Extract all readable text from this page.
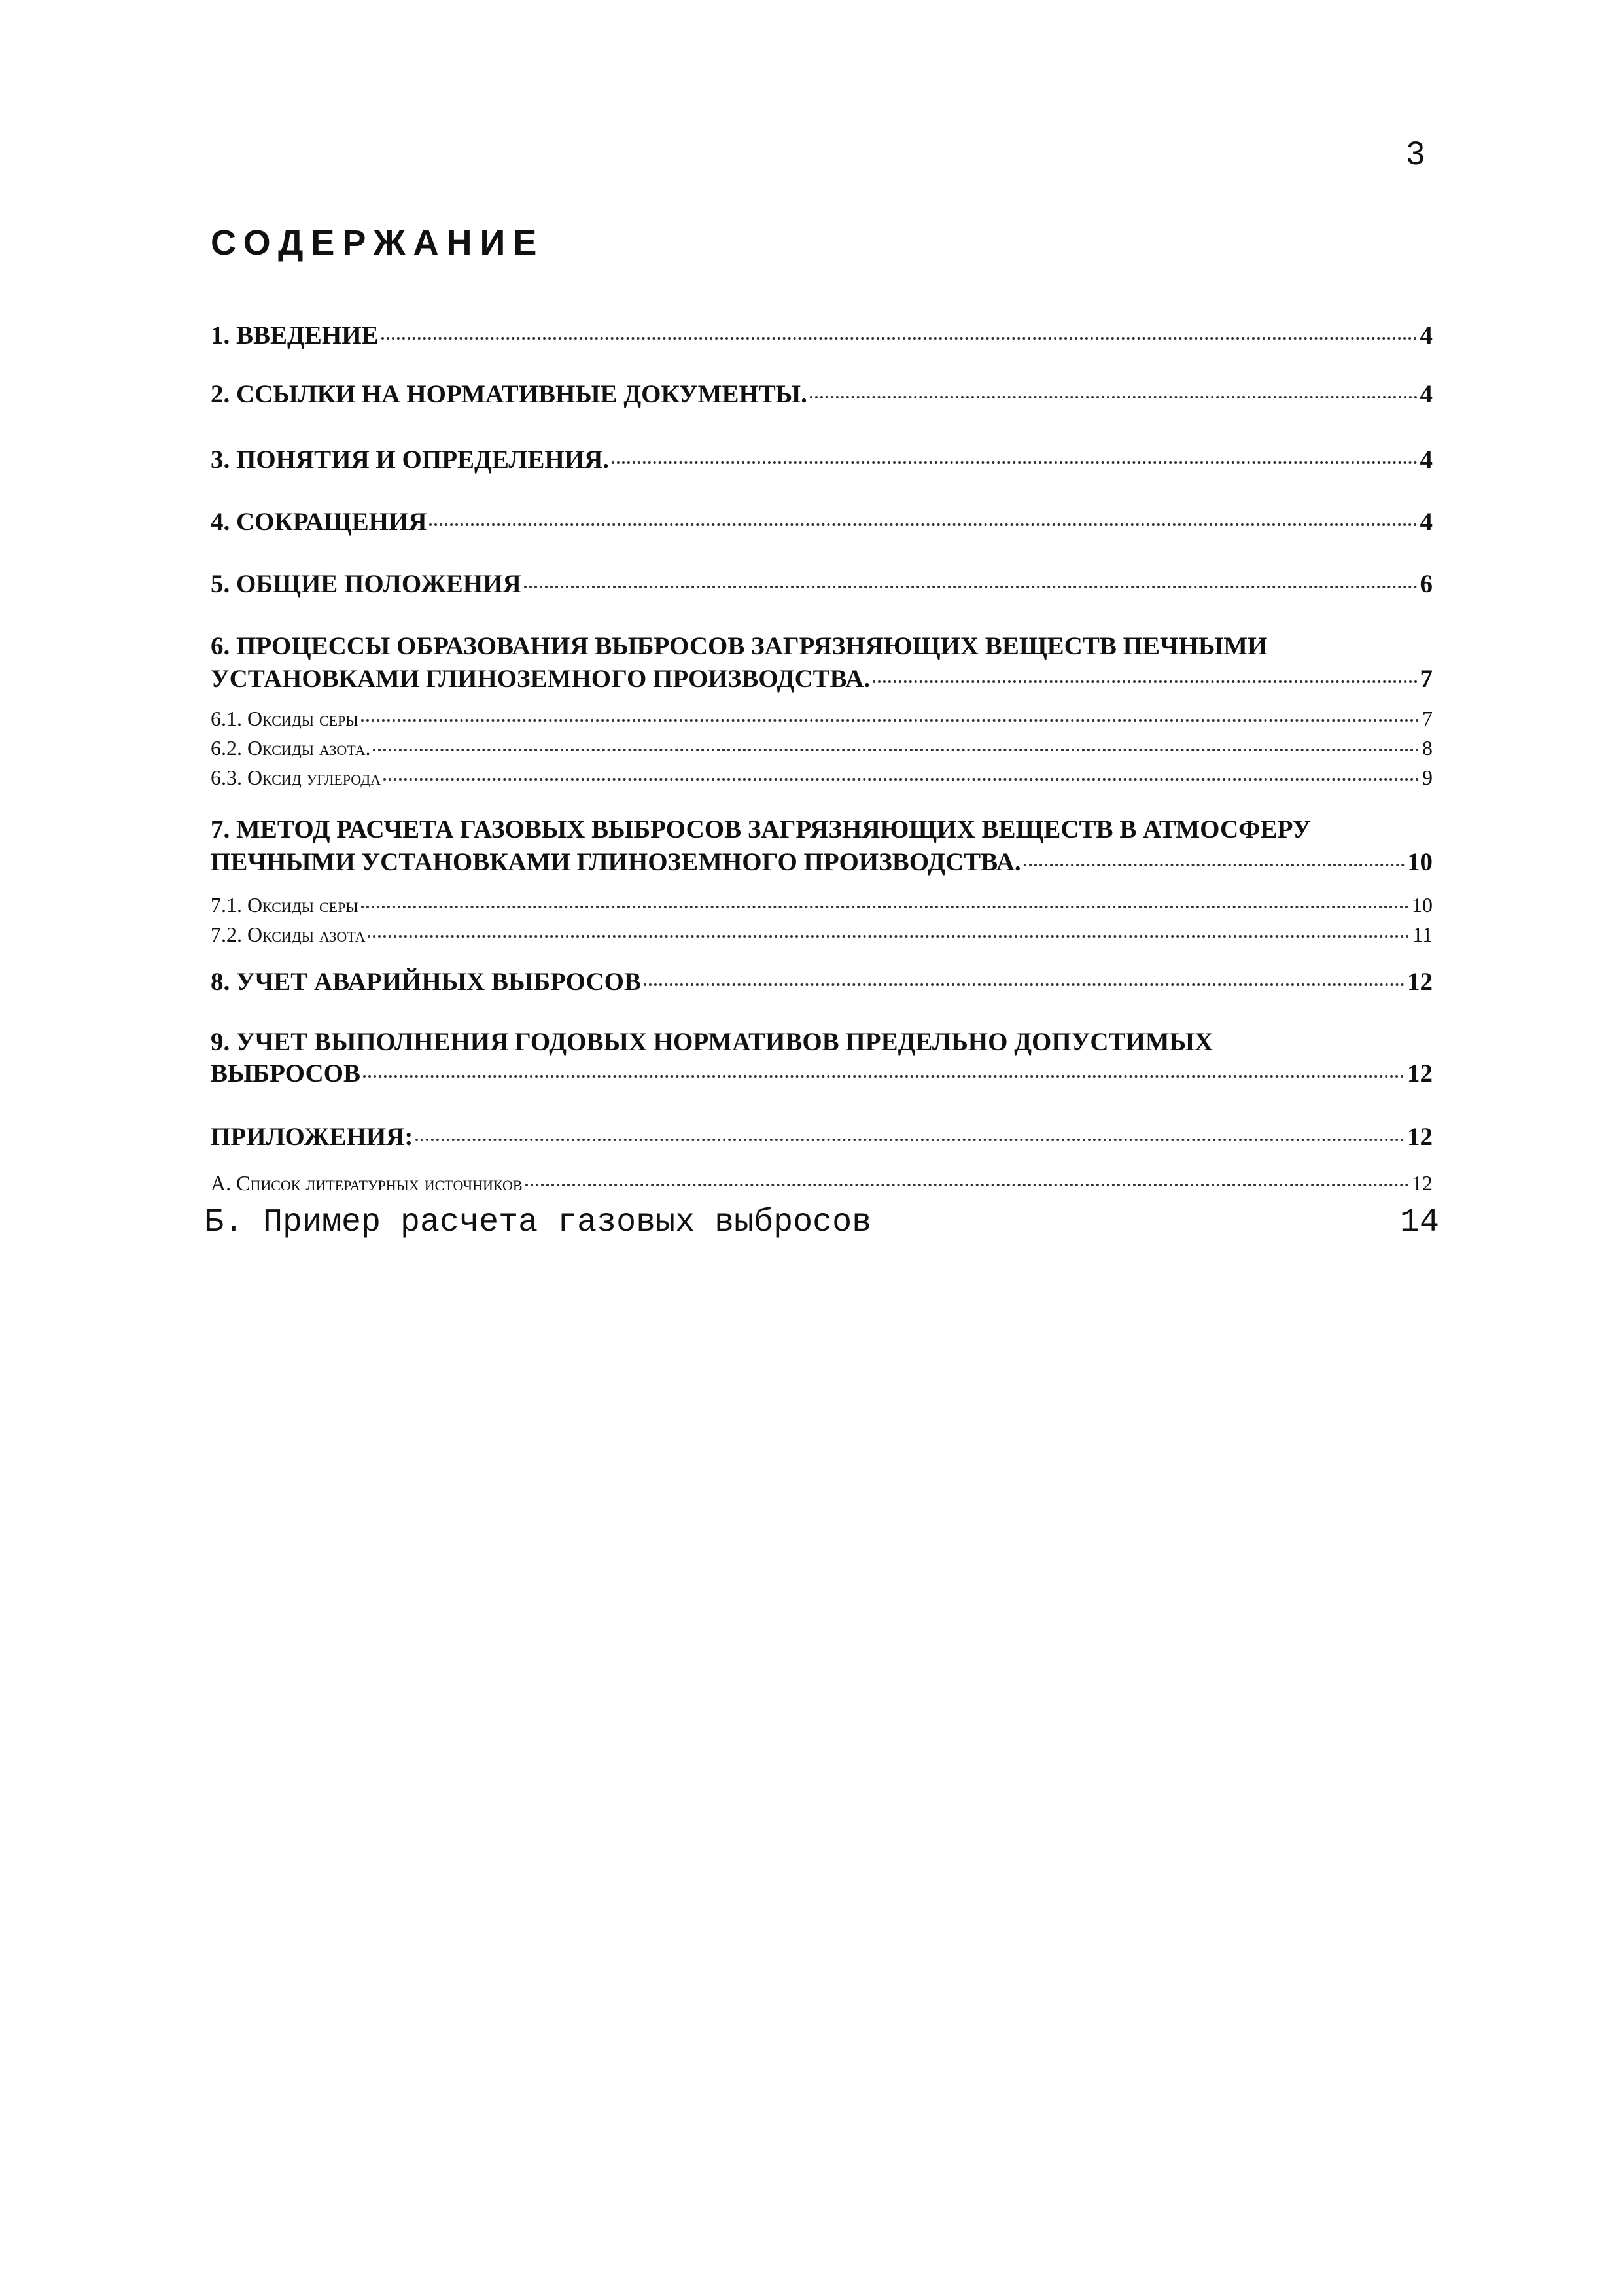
3
СОДЕРЖАНИЕ
1. ВВЕДЕНИЕ	4
2. ССЫЛКИ НА НОРМАТИВНЫЕ ДОКУМЕНТЫ.	4
3. ПОНЯТИЯ И ОПРЕДЕЛЕНИЯ.	4
4. СОКРАЩЕНИЯ	4
5. ОБЩИЕ ПОЛОЖЕНИЯ	6
6. ПРОЦЕССЫ ОБРАЗОВАНИЯ ВЫБРОСОВ ЗАГРЯЗНЯЮЩИХ ВЕЩЕСТВ ПЕЧНЫМИ
УСТАНОВКАМИ ГЛИНОЗЕМНОГО ПРОИЗВОДСТВА.	7
6.1. Оксиды серы	7
6.2. Оксиды азота.	8
6.3. Оксид углерода	9
7. МЕТОД РАСЧЕТА ГАЗОВЫХ ВЫБРОСОВ ЗАГРЯЗНЯЮЩИХ ВЕЩЕСТВ В АТМОСФЕРУ
ПЕЧНЫМИ УСТАНОВКАМИ ГЛИНОЗЕМНОГО ПРОИЗВОДСТВА.	10
7.1. Оксиды серы	10
7.2. Оксиды азота	11
8. УЧЕТ АВАРИЙНЫХ ВЫБРОСОВ	12
9. УЧЕТ ВЫПОЛНЕНИЯ ГОДОВЫХ НОРМАТИВОВ ПРЕДЕЛЬНО ДОПУСТИМЫХ
ВЫБРОСОВ	12
ПРИЛОЖЕНИЯ:	12
А. Список литературных источников	12
Б. Пример расчета газовых выбросов	14
